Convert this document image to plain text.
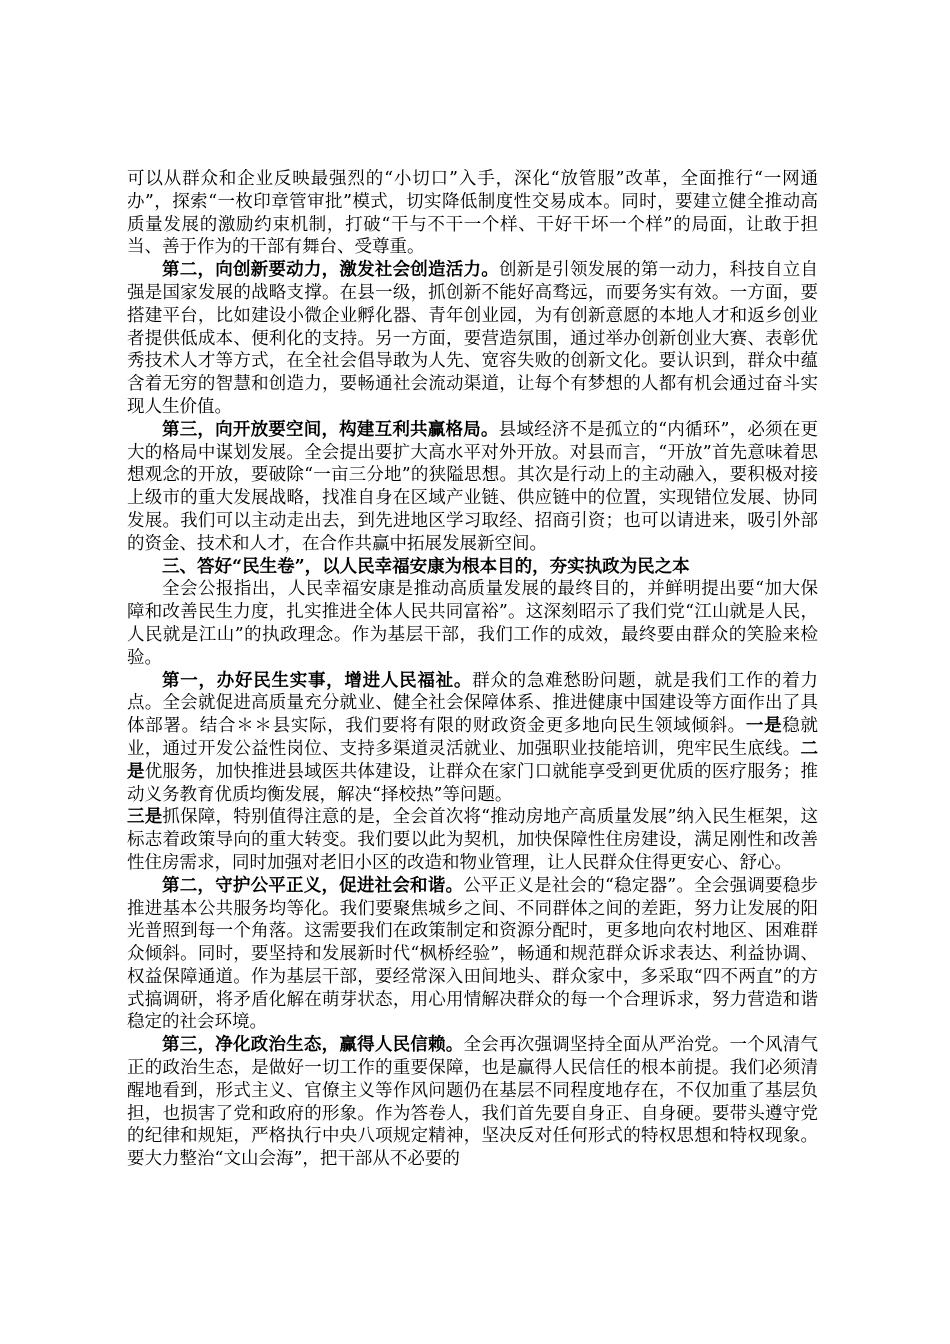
可以从群众和企业反映最强烈的“小切口”入手，深化“放管服”改革，全面推行“一网通办”，探索“一枚印章管审批”模式，切实降低制度性交易成本。同时，要建立健全推动高质量发展的激励约束机制，打破“干与不干一个样、干好干坏一个样”的局面，让敢于担当、善于作为的干部有舞台、受尊重。

第二，向创新要动力，激发社会创造活力。创新是引领发展的第一动力，科技自立自强是国家发展的战略支撑。在县一级，抓创新不能好高骛远，而要务实有效。一方面，要搭建平台，比如建设小微企业孵化器、青年创业园，为有创新意愿的本地人才和返乡创业者提供低成本、便利化的支持。另一方面，要营造氛围，通过举办创新创业大赛、表彰优秀技术人才等方式，在全社会倡导敢为人先、宽容失败的创新文化。要认识到，群众中蕴含着无穷的智慧和创造力，要畅通社会流动渠道，让每个有梦想的人都有机会通过奋斗实现人生价值。

第三，向开放要空间，构建互利共赢格局。县域经济不是孤立的“内循环”，必须在更大的格局中谋划发展。全会提出要扩大高水平对外开放。对县而言，“开放”首先意味着思想观念的开放，要破除“一亩三分地”的狭隘思想。其次是行动上的主动融入，要积极对接上级市的重大发展战略，找准自身在区域产业链、供应链中的位置，实现错位发展、协同发展。我们可以主动走出去，到先进地区学习取经、招商引资；也可以请进来，吸引外部的资金、技术和人才，在合作共赢中拓展发展新空间。

三、答好“民生卷”，以人民幸福安康为根本目的，夯实执政为民之本

全会公报指出，人民幸福安康是推动高质量发展的最终目的，并鲜明提出要“加大保障和改善民生力度，扎实推进全体人民共同富裕”。这深刻昭示了我们党“江山就是人民，人民就是江山”的执政理念。作为基层干部，我们工作的成效，最终要由群众的笑脸来检验。

第一，办好民生实事，增进人民福祉。群众的急难愁盼问题，就是我们工作的着力点。全会就促进高质量充分就业、健全社会保障体系、推进健康中国建设等方面作出了具体部署。结合＊＊县实际，我们要将有限的财政资金更多地向民生领域倾斜。一是稳就业，通过开发公益性岗位、支持多渠道灵活就业、加强职业技能培训，兜牢民生底线。二是优服务，加快推进县域医共体建设，让群众在家门口就能享受到更优质的医疗服务；推动义务教育优质均衡发展，解决“择校热”等问题。
三是抓保障，特别值得注意的是，全会首次将“推动房地产高质量发展”纳入民生框架，这标志着政策导向的重大转变。我们要以此为契机，加快保障性住房建设，满足刚性和改善性住房需求，同时加强对老旧小区的改造和物业管理，让人民群众住得更安心、舒心。

第二，守护公平正义，促进社会和谐。公平正义是社会的“稳定器”。全会强调要稳步推进基本公共服务均等化。我们要聚焦城乡之间、不同群体之间的差距，努力让发展的阳光普照到每一个角落。这需要我们在政策制定和资源分配时，更多地向农村地区、困难群众倾斜。同时，要坚持和发展新时代“枫桥经验”，畅通和规范群众诉求表达、利益协调、权益保障通道。作为基层干部，要经常深入田间地头、群众家中，多采取“四不两直”的方式搞调研，将矛盾化解在萌芽状态，用心用情解决群众的每一个合理诉求，努力营造和谐稳定的社会环境。

第三，净化政治生态，赢得人民信赖。全会再次强调坚持全面从严治党。一个风清气正的政治生态，是做好一切工作的重要保障，也是赢得人民信任的根本前提。我们必须清醒地看到，形式主义、官僚主义等作风问题仍在基层不同程度地存在，不仅加重了基层负担，也损害了党和政府的形象。作为答卷人，我们首先要自身正、自身硬。要带头遵守党的纪律和规矩，严格执行中央八项规定精神，坚决反对任何形式的特权思想和特权现象。要大力整治“文山会海”，把干部从不必要的
